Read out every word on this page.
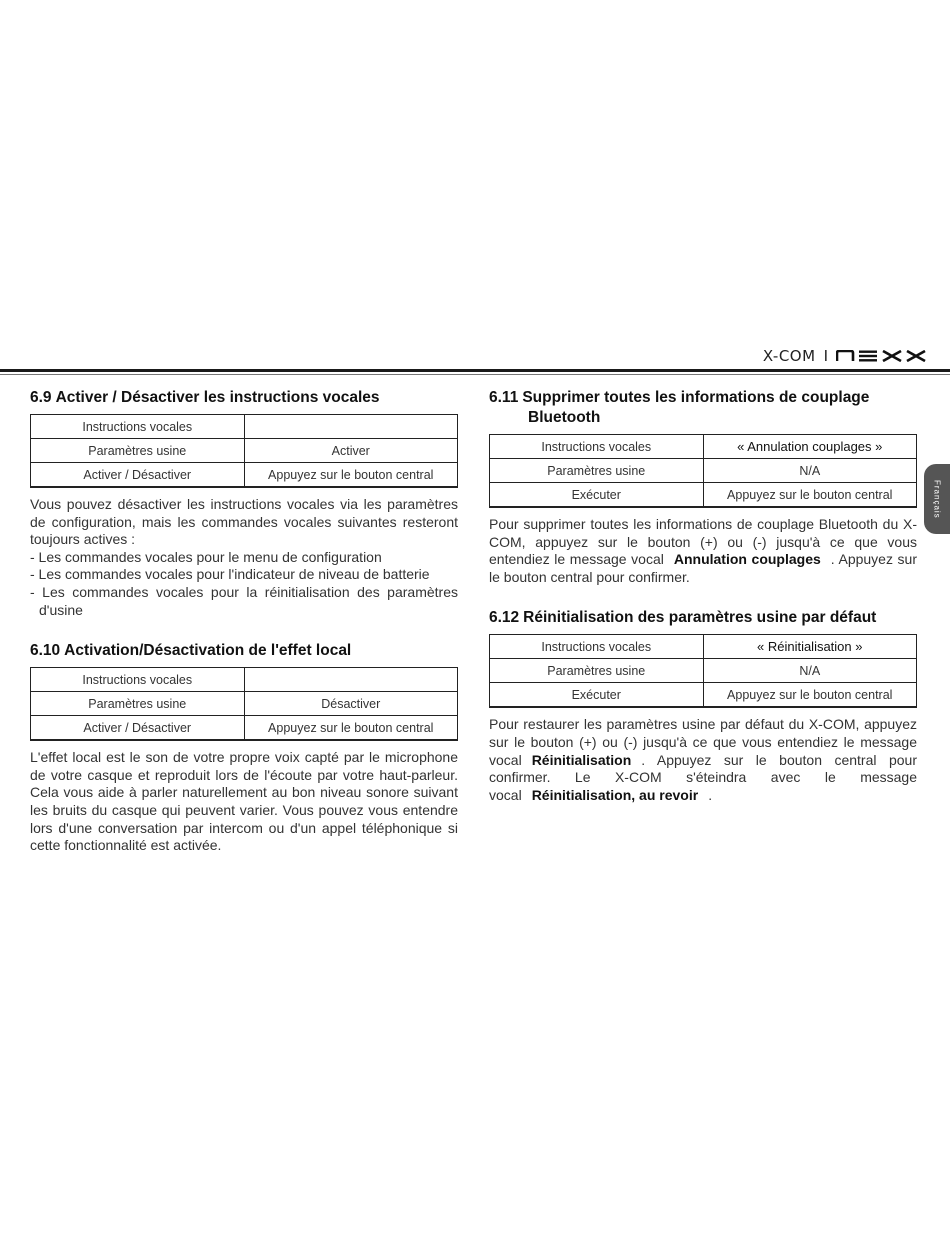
X-COM I
Français
6.9 Activer / Désactiver les instructions vocales
Instructions vocales	
Paramètres usine	Activer
Activer / Désactiver	Appuyez sur le bouton central

Vous pouvez désactiver les instructions vocales via les paramètres de configuration, mais les commandes vocales suivantes resteront toujours actives :

- Les commandes vocales pour le menu de configuration
- Les commandes vocales pour l'indicateur de niveau de batterie
- Les commandes vocales pour la réinitialisation des paramètres d'usine
6.10 Activation/Désactivation de l'effet local
Instructions vocales	
Paramètres usine	Désactiver
Activer / Désactiver	Appuyez sur le bouton central

L'effet local est le son de votre propre voix capté par le microphone de votre casque et reproduit lors de l'écoute par votre haut-parleur. Cela vous aide à parler naturellement au bon niveau sonore suivant les bruits du casque qui peuvent varier. Vous pouvez vous entendre lors d'une conversation par intercom ou d'un appel téléphonique si cette fonctionnalité est activée.

6.11 Supprimer toutes les informations de couplage
Bluetooth
Instructions vocales	« Annulation couplages »
Paramètres usine	N/A
Exécuter	Appuyez sur le bouton central

Pour supprimer toutes les informations de couplage Bluetooth du X-COM, appuyez sur le bouton (+) ou (-) jusqu'à ce que vous entendiez le message vocal Annulation couplages . Appuyez sur le bouton central pour confirmer.

6.12 Réinitialisation des paramètres usine par défaut
Instructions vocales	« Réinitialisation »
Paramètres usine	N/A
Exécuter	Appuyez sur le bouton central

Pour restaurer les paramètres usine par défaut du X-COM, appuyez sur le bouton (+) ou (-) jusqu'à ce que vous entendiez le message vocal Réinitialisation . Appuyez sur le bouton central pour confirmer. Le X-COM s'éteindra avec le message vocal Réinitialisation, au revoir .
